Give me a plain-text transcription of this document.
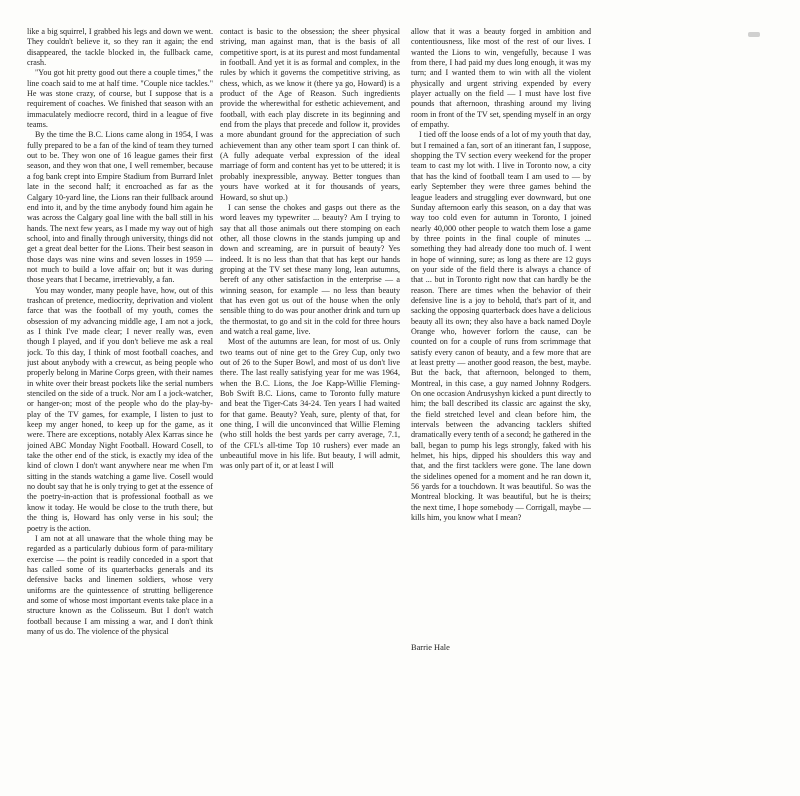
like a big squirrel, I grabbed his legs and down we went. They couldn't believe it, so they ran it again; the end disappeared, the tackle blocked in, the fullback came, crash.

"You got hit pretty good out there a couple times," the line coach said to me at half time. "Couple nice tackles." He was stone crazy, of course, but I suppose that is a requirement of coaches. We finished that season with an immaculately mediocre record, third in a league of five teams.

By the time the B.C. Lions came along in 1954, I was fully prepared to be a fan of the kind of team they turned out to be. They won one of 16 league games their first season, and they won that one, I well remember, because a fog bank crept into Empire Stadium from Burrard Inlet late in the second half; it encroached as far as the Calgary 10-yard line, the Lions ran their fullback around end into it, and by the time anybody found him again he was across the Calgary goal line with the ball still in his hands. The next few years, as I made my way out of high school, into and finally through university, things did not get a great deal better for the Lions. Their best season in those days was nine wins and seven losses in 1959 — not much to build a love affair on; but it was during those years that I became, irretrievably, a fan.

You may wonder, many people have, how, out of this trashcan of pretence, mediocrity, deprivation and violent farce that was the football of my youth, comes the obsession of my advancing middle age, I am not a jock, as I think I've made clear; I never really was, even though I played, and if you don't believe me ask a real jock. To this day, I think of most football coaches, and just about anybody with a crewcut, as being people who properly belong in Marine Corps green, with their names in white over their breast pockets like the serial numbers stenciled on the side of a truck. Nor am I a jock-watcher, or hanger-on; most of the people who do the play-by-play of the TV games, for example, I listen to just to keep my anger honed, to keep up for the game, as it were. There are exceptions, notably Alex Karras since he joined ABC Monday Night Football. Howard Cosell, to take the other end of the stick, is exactly my idea of the kind of clown I don't want anywhere near me when I'm sitting in the stands watching a game live. Cosell would no doubt say that he is only trying to get at the essence of the poetry-in-action that is professional football as we know it today. He would be close to the truth there, but the thing is, Howard has only verse in his soul; the poetry is the action.

I am not at all unaware that the whole thing may be regarded as a particularly dubious form of para-military exercise — the point is readily conceded in a sport that has called some of its quarterbacks generals and its defensive backs and linemen soldiers, whose very uniforms are the quintessence of strutting belligerence and some of whose most important events take place in a structure known as the Colisseum. But I don't watch football because I am missing a war, and I don't think many of us do. The violence of the physical

contact is basic to the obsession; the sheer physical striving, man against man, that is the basis of all competitive sport, is at its purest and most fundamental in football. And yet it is as formal and complex, in the rules by which it governs the competitive striving, as chess, which, as we know it (there ya go, Howard) is a product of the Age of Reason. Such ingredients provide the wherewithal for esthetic achievement, and football, with each play discrete in its beginning and end from the plays that precede and follow it, provides a more abundant ground for the appreciation of such achievement than any other team sport I can think of. (A fully adequate verbal expression of the ideal marriage of form and content has yet to be uttered; it is probably inexpressible, anyway. Better tongues than yours have worked at it for thousands of years, Howard, so shut up.)

I can sense the chokes and gasps out there as the word leaves my typewriter ... beauty? Am I trying to say that all those animals out there stomping on each other, all those clowns in the stands jumping up and down and screaming, are in pursuit of beauty? Yes indeed. It is no less than that that has kept our hands groping at the TV set these many long, lean autumns, bereft of any other satisfaction in the enterprise — a winning season, for example — no less than beauty that has even got us out of the house when the only sensible thing to do was pour another drink and turn up the thermostat, to go and sit in the cold for three hours and watch a real game, live.

Most of the autumns are lean, for most of us. Only two teams out of nine get to the Grey Cup, only two out of 26 to the Super Bowl, and most of us don't live there. The last really satisfying year for me was 1964, when the B.C. Lions, the Joe Kapp-Willie Fleming-Bob Swift B.C. Lions, came to Toronto fully mature and beat the Tiger-Cats 34-24. Ten years I had waited for that game. Beauty? Yeah, sure, plenty of that, for one thing, I will die unconvinced that Willie Fleming (who still holds the best yards per carry average, 7.1, of the CFL's all-time Top 10 rushers) ever made an unbeautiful move in his life. But beauty, I will admit, was only part of it, or at least I will

allow that it was a beauty forged in ambition and contentiousness, like most of the rest of our lives. I wanted the Lions to win, vengefully, because I was from there, I had paid my dues long enough, it was my turn; and I wanted them to win with all the violent physically and urgent striving expended by every player actually on the field — I must have lost five pounds that afternoon, thrashing around my living room in front of the TV set, spending myself in an orgy of empathy.

I tied off the loose ends of a lot of my youth that day, but I remained a fan, sort of an itinerant fan, I suppose, shopping the TV section every weekend for the proper team to cast my lot with. I live in Toronto now, a city that has the kind of football team I am used to — by early September they were three games behind the league leaders and struggling ever downward, but one Sunday afternoon early this season, on a day that was way too cold even for autumn in Toronto, I joined nearly 40,000 other people to watch them lose a game by three points in the final couple of minutes ... something they had already done too much of. I went in hope of winning, sure; as long as there are 12 guys on your side of the field there is always a chance of that ... but in Toronto right now that can hardly be the reason. There are times when the behavior of their defensive line is a joy to behold, that's part of it, and sacking the opposing quarterback does have a delicious beauty all its own; they also have a back named Doyle Orange who, however forlorn the cause, can be counted on for a couple of runs from scrimmage that satisfy every canon of beauty, and a few more that are at least pretty — another good reason, the best, maybe. But the back, that afternoon, belonged to them, Montreal, in this case, a guy named Johnny Rodgers. On one occasion Andrusyshyn kicked a punt directly to him; the ball described its classic arc against the sky, the field stretched level and clean before him, the intervals between the advancing tacklers shifted dramatically every tenth of a second; he gathered in the ball, began to pump his legs strongly, faked with his helmet, his hips, dipped his shoulders this way and that, and the first tacklers were gone. The lane down the sidelines opened for a moment and he ran down it, 56 yards for a touchdown. It was beautiful. So was the Montreal blocking. It was beautiful, but he is theirs; the next time, I hope somebody — Corrigall, maybe — kills him, you know what I mean?

Barrie Hale
